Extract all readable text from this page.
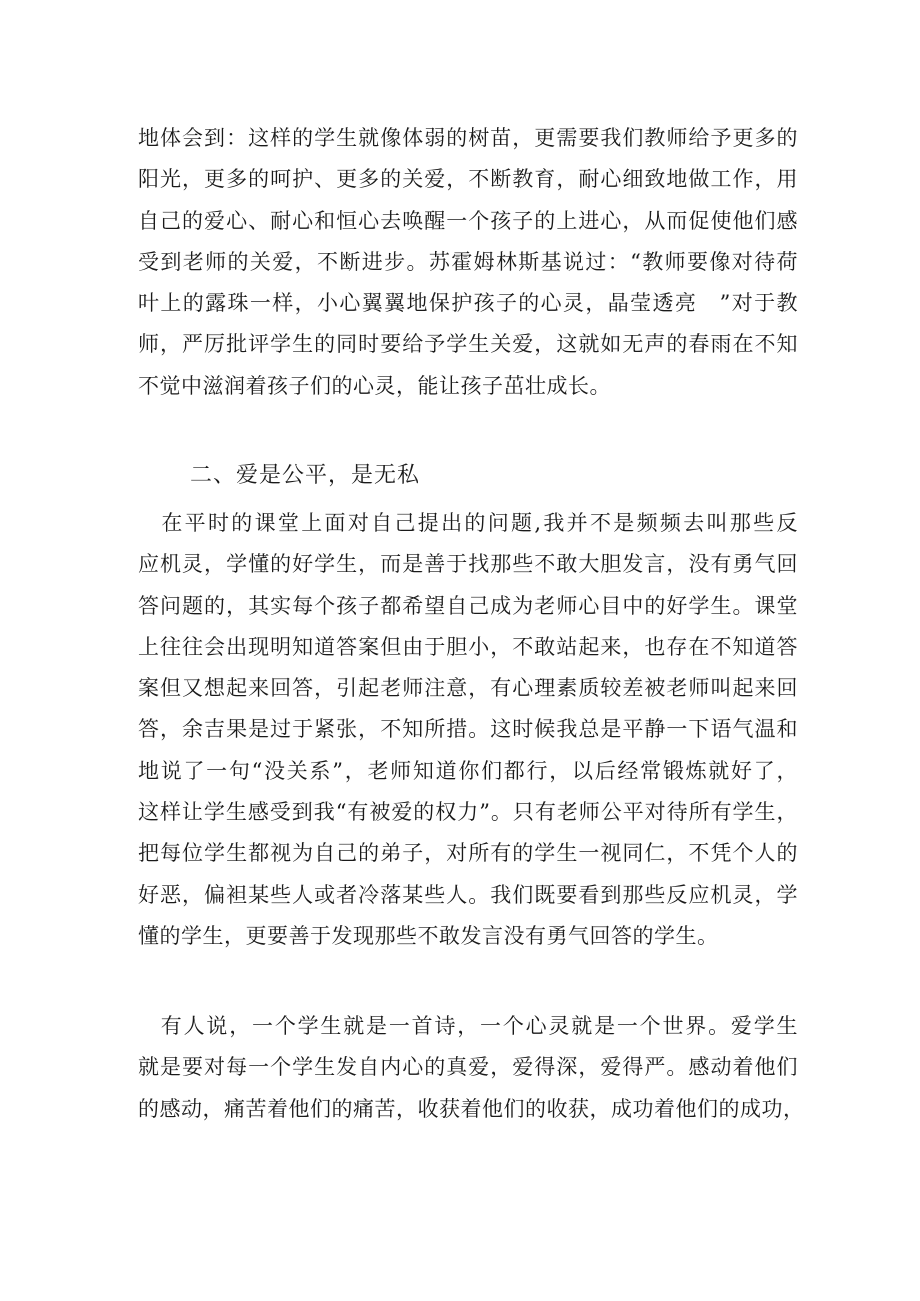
地体会到：这样的学生就像体弱的树苗，更需要我们教师给予更多的
阳光，更多的呵护、更多的关爱，不断教育，耐心细致地做工作，用
自己的爱心、耐心和恒心去唤醒一个孩子的上进心，从而促使他们感
受到老师的关爱，不断进步。苏霍姆林斯基说过：“教师要像对待荷
叶上的露珠一样，小心翼翼地保护孩子的心灵，晶莹透亮　”对于教
师，严厉批评学生的同时要给予学生关爱，这就如无声的春雨在不知
不觉中滋润着孩子们的心灵，能让孩子茁壮成长。
二、爱是公平，是无私
　在平时的课堂上面对自己提出的问题,我并不是频频去叫那些反
应机灵，学懂的好学生，而是善于找那些不敢大胆发言，没有勇气回
答问题的，其实每个孩子都希望自己成为老师心目中的好学生。课堂
上往往会出现明知道答案但由于胆小，不敢站起来，也存在不知道答
案但又想起来回答，引起老师注意，有心理素质较差被老师叫起来回
答，余吉果是过于紧张，不知所措。这时候我总是平静一下语气温和
地说了一句“没关系”，老师知道你们都行，以后经常锻炼就好了，
这样让学生感受到我“有被爱的权力”。只有老师公平对待所有学生，
把每位学生都视为自己的弟子，对所有的学生一视同仁，不凭个人的
好恶，偏袒某些人或者冷落某些人。我们既要看到那些反应机灵，学
懂的学生，更要善于发现那些不敢发言没有勇气回答的学生。
　有人说，一个学生就是一首诗，一个心灵就是一个世界。爱学生
就是要对每一个学生发自内心的真爱，爱得深，爱得严。感动着他们
的感动，痛苦着他们的痛苦，收获着他们的收获，成功着他们的成功，
